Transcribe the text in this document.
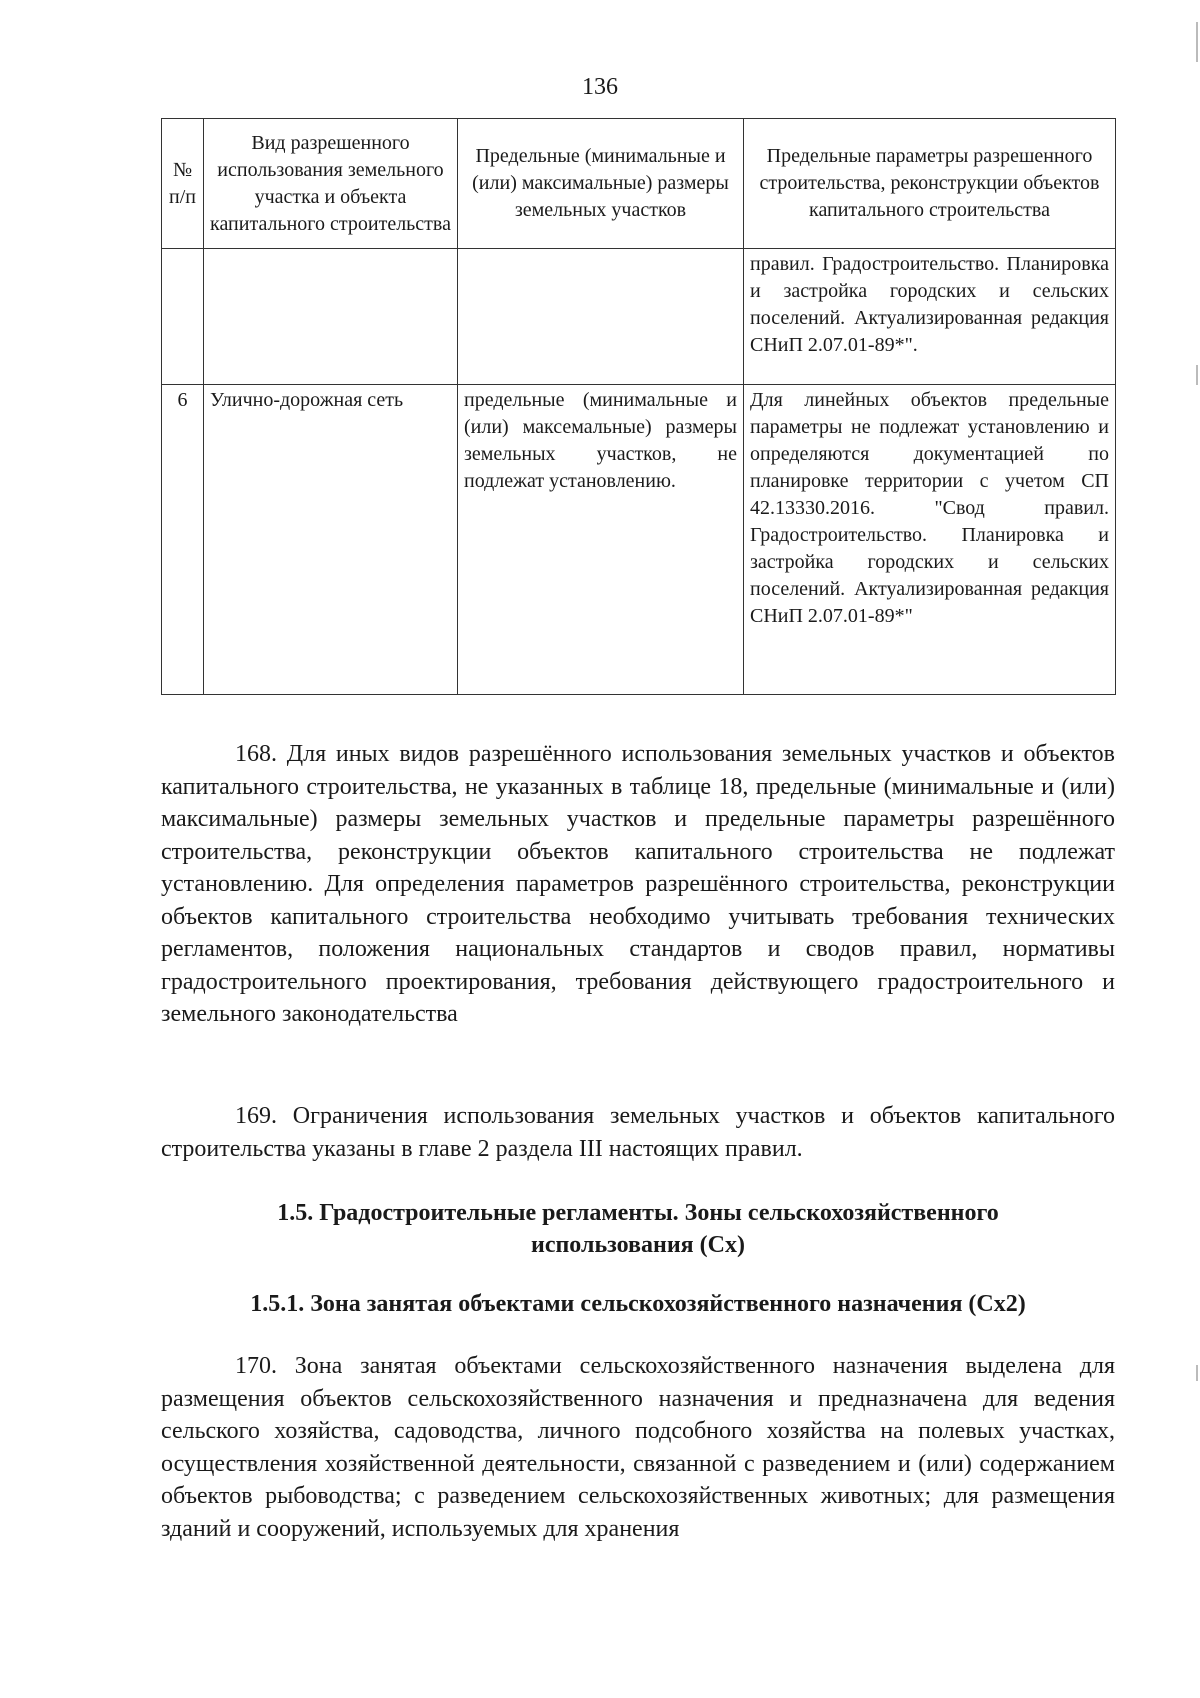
136
№ п/п	Вид разрешенного использования земельного участка и объекта капитального строительства	Предельные (минимальные и (или) максимальные) размеры земельных участков	Предельные параметры разрешенного строительства, реконструкции объектов капитального строительства
			правил. Градостроительство. Планировка и застройка городских и сельских поселений. Актуализированная редакция СНиП 2.07.01-89*".
6	Улично-дорожная сеть	предельные (минимальные и (или) максемальные) размеры земельных участков, не подлежат установлению.	Для линейных объектов предельные параметры не подлежат установлению и определяются документацией по планировке территории с учетом СП 42.13330.2016. "Свод правил. Градостроительство. Планировка и застройка городских и сельских поселений. Актуализированная редакция СНиП 2.07.01-89*"
168. Для иных видов разрешённого использования земельных участков и объектов капитального строительства, не указанных в таблице 18, предельные (минимальные и (или) максимальные) размеры земельных участков и предельные параметры разрешённого строительства, реконструкции объектов капитального строительства не подлежат установлению. Для определения параметров разрешённого строительства, реконструкции объектов капитального строительства необходимо учитывать требования технических регламентов, положения национальных стандартов и сводов правил, нормативы градостроительного проектирования, требования действующего градостроительного и земельного законодательства
169. Ограничения использования земельных участков и объектов капитального строительства указаны в главе 2 раздела III настоящих правил.
1.5. Градостроительные регламенты. Зоны сельскохозяйственного использования (Сх)
1.5.1. Зона занятая объектами сельскохозяйственного назначения (Сх2)
170. Зона занятая объектами сельскохозяйственного назначения выделена для размещения объектов сельскохозяйственного назначения и предназначена для ведения сельского хозяйства, садоводства, личного подсобного хозяйства на полевых участках, осуществления хозяйственной деятельности, связанной с разведением и (или) содержанием объектов рыбоводства; с разведением сельскохозяйственных животных; для размещения зданий и сооружений, используемых для хранения
